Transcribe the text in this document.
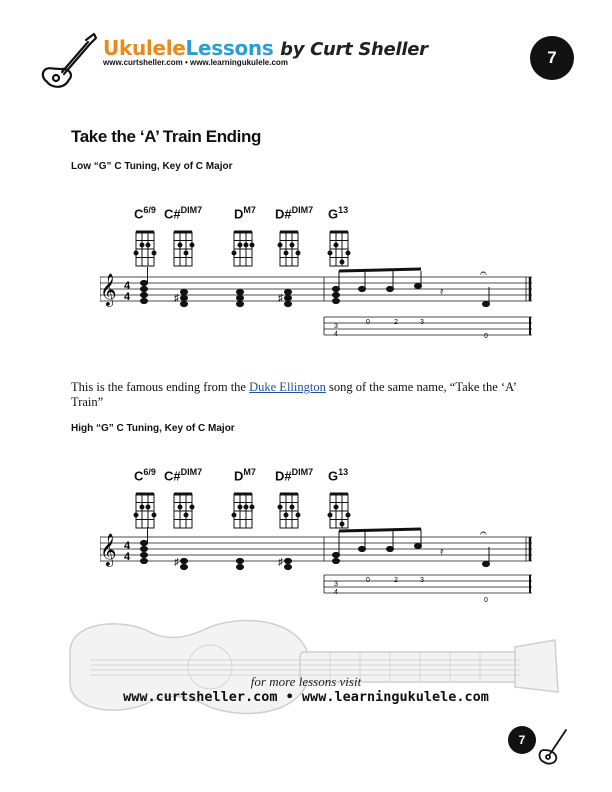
UkuleleLessons by Curt Sheller
www.curtsheller.com • www.learningukulele.com	7
Take the ‘A’ Train Ending
Low “G” C Tuning, Key of C Major
$C^{6/9}$ C#$^{DIM7}$ $D^{M7}$ D#$^{DIM7}$ $G^{13}$
𝄞 4
4	♯	♯
𝄿
𝄐
3
4
0	2	3
0
This is the famous ending from the Duke Ellington song of the same name, “Take the ‘A’ Train”
High “G” C Tuning, Key of C Major
$C^{6/9}$ C#$^{DIM7}$ $D^{M7}$ D#$^{DIM7}$ $G^{13}$
𝄞 4
4	♯	♯
𝄿
𝄐
3
4
0	2	3
0
for more lessons visit
www.curtsheller.com • www.learningukulele.com
7
